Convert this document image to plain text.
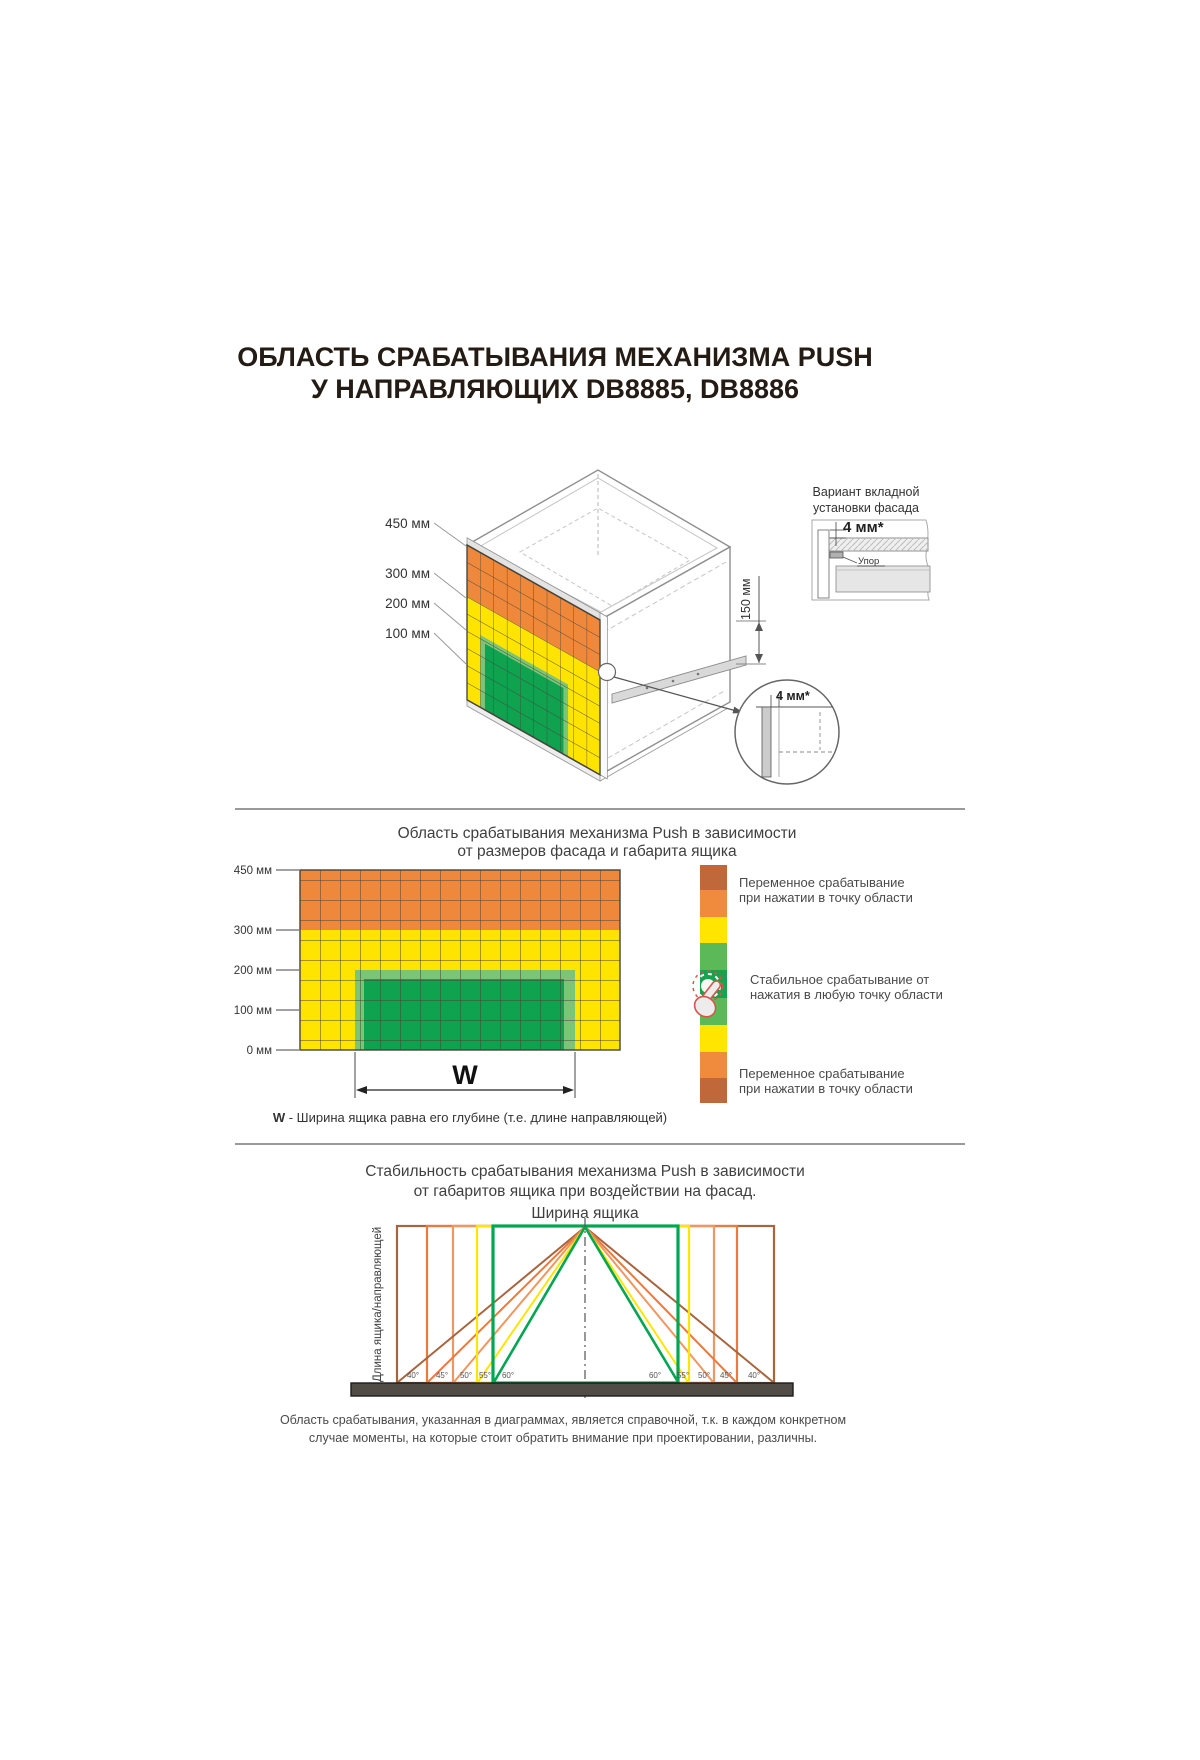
ОБЛАСТЬ СРАБАТЫВАНИЯ МЕХАНИЗМА PUSH
У НАПРАВЛЯЮЩИХ DB8885, DB8886
450 мм
300 мм
200 мм
100 мм
150 мм
Вариант вкладной
установки фасада
4 мм*
Упор
4 мм*
Область срабатывания механизма Push в зависимости
от размеров фасада и габарита ящика
450 мм
300 мм
200 мм
100 мм
0 мм
W
W - Ширина ящика равна его глубине (т.е. длине направляющей)
Переменное срабатывание
при нажатии в точку области
Стабильное срабатывание от
нажатия в любую точку области
Переменное срабатывание
при нажатии в точку области
Стабильность срабатывания механизма Push в зависимости
от габаритов ящика при воздействии на фасад.
Ширина ящика
Длина ящика/направляющей	40° 45° 50° 55° 60°	60° 55° 50° 45° 40°
Область срабатывания, указанная в диаграммах, является справочной, т.к. в каждом конкретном
случае моменты, на которые стоит обратить внимание при проектировании, различны.
